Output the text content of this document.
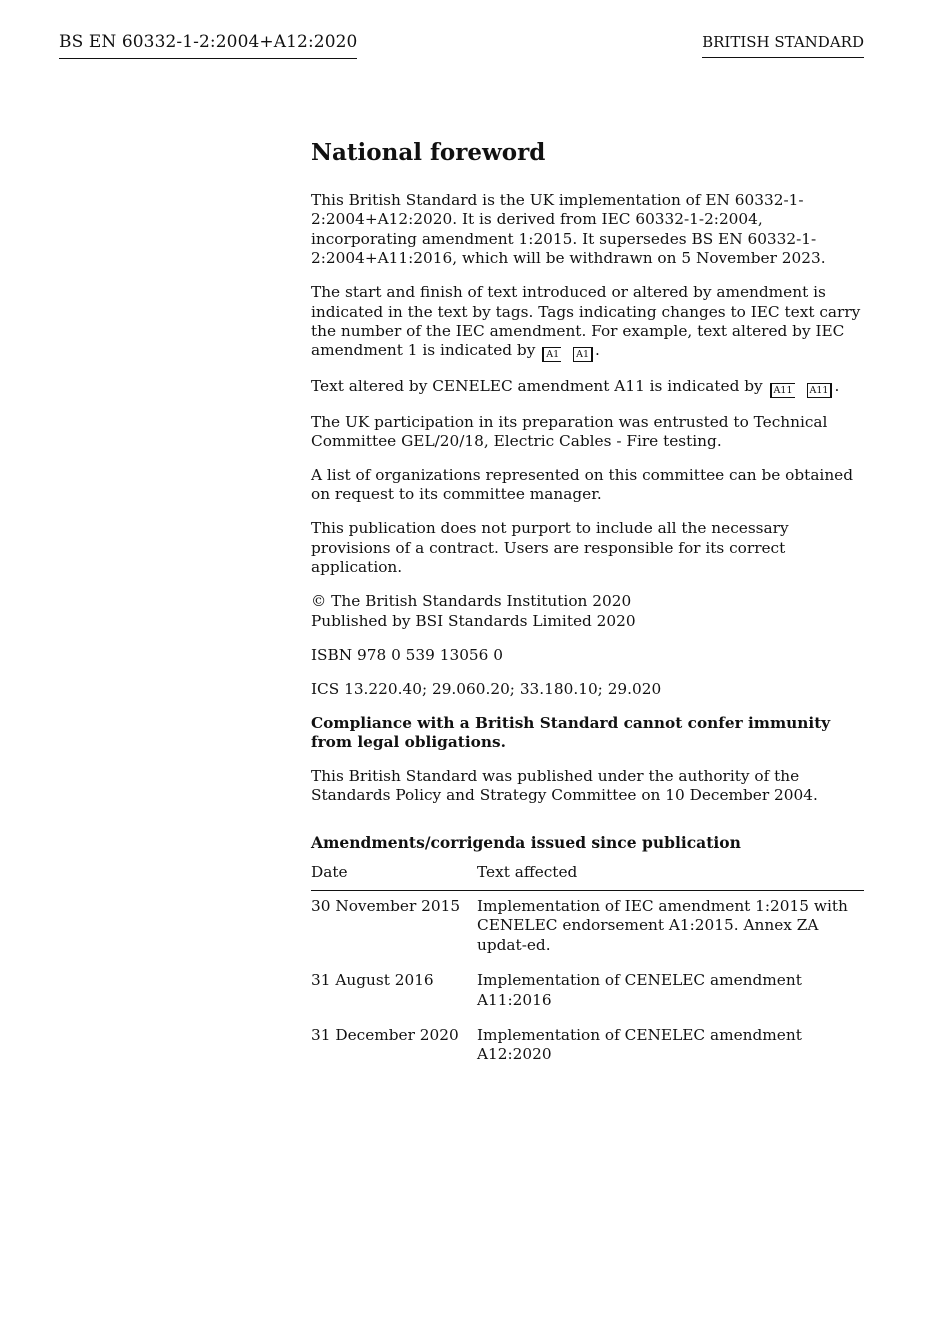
BS EN 60332-1-2:2004+A12:2020	BRITISH STANDARD
National foreword

This British Standard is the UK implementation of EN 60332-1-2:2004+A12:2020. It is derived from IEC 60332-1-2:2004, incorporating amendment 1:2015. It supersedes BS EN 60332-1-2:2004+A11:2016, which will be withdrawn on 5 November 2023.

The start and finish of text introduced or altered by amendment is indicated in the text by tags. Tags indicating changes to IEC text carry the number of the IEC amendment. For example, text altered by IEC amendment 1 is indicated by A1 A1 .

Text altered by CENELEC amendment A11 is indicated by A11 A11 .

The UK participation in its preparation was entrusted to Technical Committee GEL/20/18, Electric Cables - Fire testing.

A list of organizations represented on this committee can be obtained on request to its committee manager.

This publication does not purport to include all the necessary provisions of a contract. Users are responsible for its correct application.

© The British Standards Institution 2020
Published by BSI Standards Limited 2020

ISBN 978 0 539 13056 0

ICS 13.220.40; 29.060.20; 33.180.10; 29.020

Compliance with a British Standard cannot confer immunity from legal obligations.

This British Standard was published under the authority of the Standards Policy and Strategy Committee on 10 December 2004.

Amendments/corrigenda issued since publication
Date	Text affected
30 November 2015	Implementation of IEC amendment 1:2015 with CENELEC endorsement A1:2015. Annex ZA updat-ed.
31 August 2016	Implementation of CENELEC amendment A11:2016
31 December 2020	Implementation of CENELEC amendment A12:2020
